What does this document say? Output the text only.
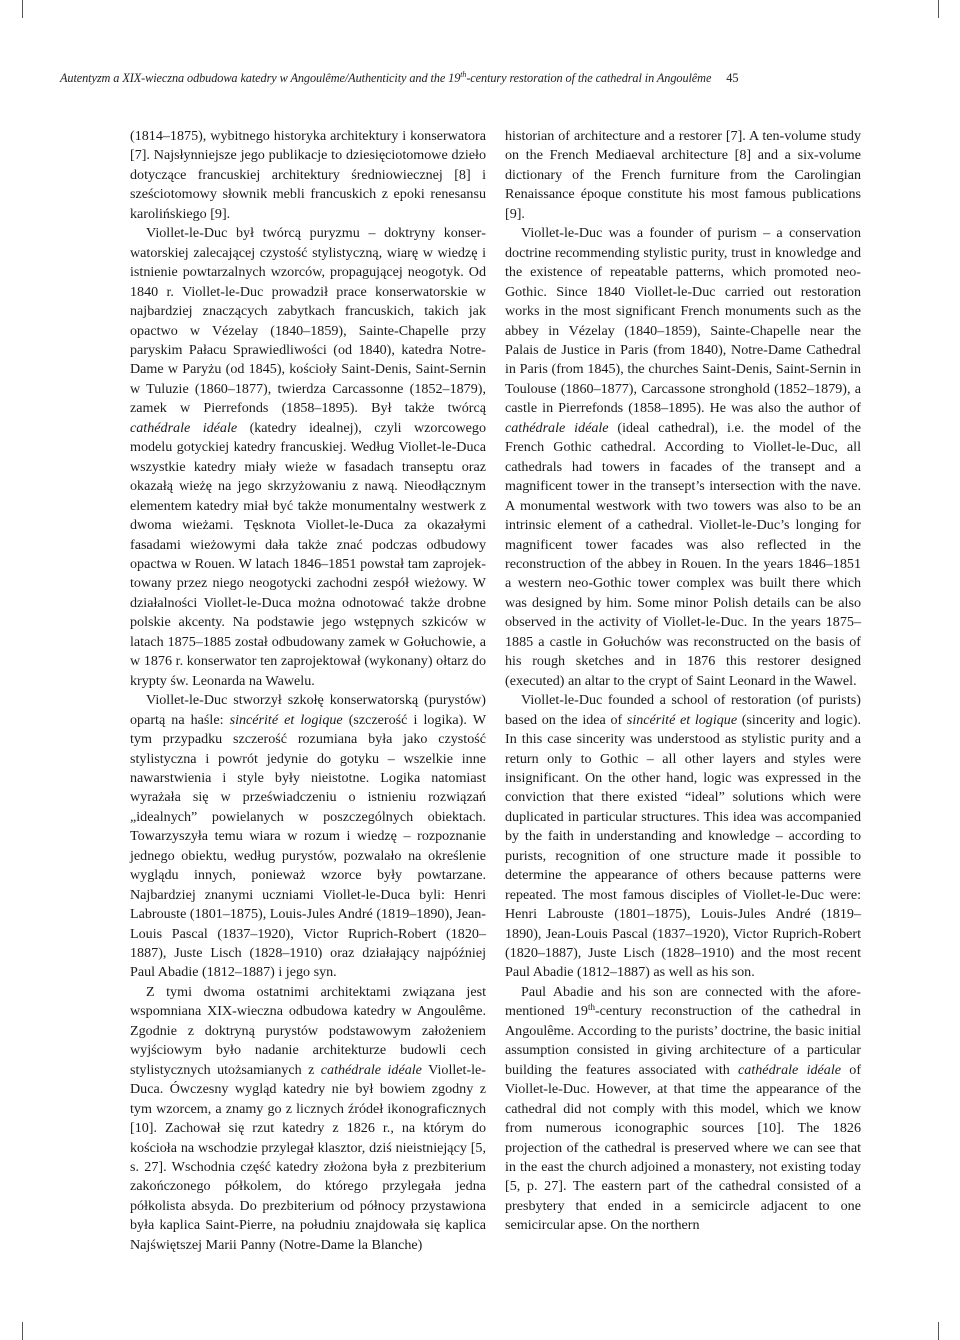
Autentyzm a XIX-wieczna odbudowa katedry w Angoulême/Authenticity and the 19th-century restoration of the cathedral in Angoulême 45

(1814–1875), wybitnego historyka architektury i konserwatora [7]. Najsłynniejsze jego publikacje to dziesięciotomowe dzieło dotyczące francuskiej architektury średniowiecznej [8] i sześciotomowy słownik mebli francuskich z epoki renesansu karolińskiego [9].

Viollet-le-Duc był twórcą puryzmu – doktryny konserwatorskiej zalecającej czystość stylistyczną, wiarę w wiedzę i istnienie powtarzalnych wzorców, propagującej neogotyk. Od 1840 r. Viollet-le-Duc prowadził prace konserwatorskie w najbardziej znaczących zabytkach francuskich, takich jak opactwo w Vézelay (1840–1859), Sainte-Chapelle przy paryskim Pałacu Sprawiedliwości (od 1840), katedra Notre-Dame w Paryżu (od 1845), kościoły Saint-Denis, Saint-Sernin w Tuluzie (1860–1877), twierdza Carcassonne (1852–1879), zamek w Pierrefonds (1858–1895). Był także twórcą cathédrale idéale (katedry idealnej), czyli wzorcowego modelu gotyckiej katedry francuskiej. Według Viollet-le-Duca wszystkie katedry miały wieże w fasadach transeptu oraz okazałą wieżę na jego skrzyżowaniu z nawą. Nieodłącznym elementem katedry miał być także monumentalny westwerk z dwoma wieżami. Tęsknota Viollet-le-Duca za okazałymi fasadami wieżowymi dała także znać podczas odbudowy opactwa w Rouen. W latach 1846–1851 powstał tam zaprojektowany przez niego neogotycki zachodni zespół wieżowy. W działalności Viollet-le-Duca można odnotować także drobne polskie akcenty. Na podstawie jego wstępnych szkiców w latach 1875–1885 został odbudowany zamek w Gołuchowie, a w 1876 r. konserwator ten zaprojektował (wykonany) ołtarz do krypty św. Leonarda na Wawelu.

Viollet-le-Duc stworzył szkołę konserwatorską (purystów) opartą na haśle: sincérité et logique (szczerość i logika). W tym przypadku szczerość rozumiana była jako czystość stylistyczna i powrót jedynie do gotyku – wszelkie inne nawarstwienia i style były nieistotne. Logika natomiast wyrażała się w przeświadczeniu o istnieniu rozwiązań „idealnych” powielanych w poszczególnych obiektach. Towarzyszyła temu wiara w rozum i wiedzę – rozpoznanie jednego obiektu, według purystów, pozwalało na określenie wyglądu innych, ponieważ wzorce były powtarzane. Najbardziej znanymi uczniami Viollet-le-Duca byli: Henri Labrouste (1801–1875), Louis-Jules André (1819–1890), Jean-Louis Pascal (1837–1920), Victor Ruprich-Robert (1820–1887), Juste Lisch (1828–1910) oraz działający najpóźniej Paul Abadie (1812–1887) i jego syn.

Z tymi dwoma ostatnimi architektami związana jest wspomniana XIX-wieczna odbudowa katedry w Angoulême. Zgodnie z doktryną purystów podstawowym założeniem wyjściowym było nadanie architekturze budowli cech stylistycznych utożsamianych z cathédrale idéale Viollet-le-Duca. Ówczesny wygląd katedry nie był bowiem zgodny z tym wzorcem, a znamy go z licznych źródeł ikonograficznych [10]. Zachował się rzut katedry z 1826 r., na którym do kościoła na wschodzie przylegał klasztor, dziś nieistniejący [5, s. 27]. Wschodnia część katedry złożona była z prezbiterium zakończonego półkolem, do którego przylegała jedna półkolista absyda. Do prezbiterium od północy przystawiona była kaplica Saint-Pierre, na południu znajdowała się kaplica Najświętszej Marii Panny (Notre-Dame la Blanche)

historian of architecture and a restorer [7]. A ten-volume study on the French Mediaeval architecture [8] and a six-volume dictionary of the French furniture from the Carolingian Renaissance époque constitute his most famous publications [9].

Viollet-le-Duc was a founder of purism – a conservation doctrine recommending stylistic purity, trust in knowledge and the existence of repeatable patterns, which promoted neo-Gothic. Since 1840 Viollet-le-Duc carried out restoration works in the most significant French monuments such as the abbey in Vézelay (1840–1859), Sainte-Chapelle near the Palais de Justice in Paris (from 1840), Notre-Dame Cathedral in Paris (from 1845), the churches Saint-Denis, Saint-Sernin in Toulouse (1860–1877), Carcassone stronghold (1852–1879), a castle in Pierrefonds (1858–1895). He was also the author of cathédrale idéale (ideal cathedral), i.e. the model of the French Gothic cathedral. According to Viollet-le-Duc, all cathedrals had towers in facades of the transept and a magnificent tower in the transept’s intersection with the nave. A monumental westwork with two towers was also to be an intrinsic element of a cathedral. Viollet-le-Duc’s longing for magnificent tower facades was also reflected in the reconstruction of the abbey in Rouen. In the years 1846–1851 a western neo-Gothic tower complex was built there which was designed by him. Some minor Polish details can be also observed in the activity of Viollet-le-Duc. In the years 1875–1885 a castle in Gołuchów was reconstructed on the basis of his rough sketches and in 1876 this restorer designed (executed) an altar to the crypt of Saint Leonard in the Wawel.

Viollet-le-Duc founded a school of restoration (of purists) based on the idea of sincérité et logique (sincerity and logic). In this case sincerity was understood as stylistic purity and a return only to Gothic – all other layers and styles were insignificant. On the other hand, logic was expressed in the conviction that there existed “ideal” solutions which were duplicated in particular structures. This idea was accompanied by the faith in understanding and knowledge – according to purists, recognition of one structure made it possible to determine the appearance of others because patterns were repeated. The most famous disciples of Viollet-le-Duc were: Henri Labrouste (1801–1875), Louis-Jules André (1819–1890), Jean-Louis Pascal (1837–1920), Victor Ruprich-Robert (1820–1887), Juste Lisch (1828–1910) and the most recent Paul Abadie (1812–1887) as well as his son.

Paul Abadie and his son are connected with the aforementioned 19th-century reconstruction of the cathedral in Angoulême. According to the purists’ doctrine, the basic initial assumption consisted in giving architecture of a particular building the features associated with cathédrale idéale of Viollet-le-Duc. However, at that time the appearance of the cathedral did not comply with this model, which we know from numerous iconographic sources [10]. The 1826 projection of the cathedral is preserved where we can see that in the east the church adjoined a monastery, not existing today [5, p. 27]. The eastern part of the cathedral consisted of a presbytery that ended in a semicircle adjacent to one semicircular apse. On the northern
